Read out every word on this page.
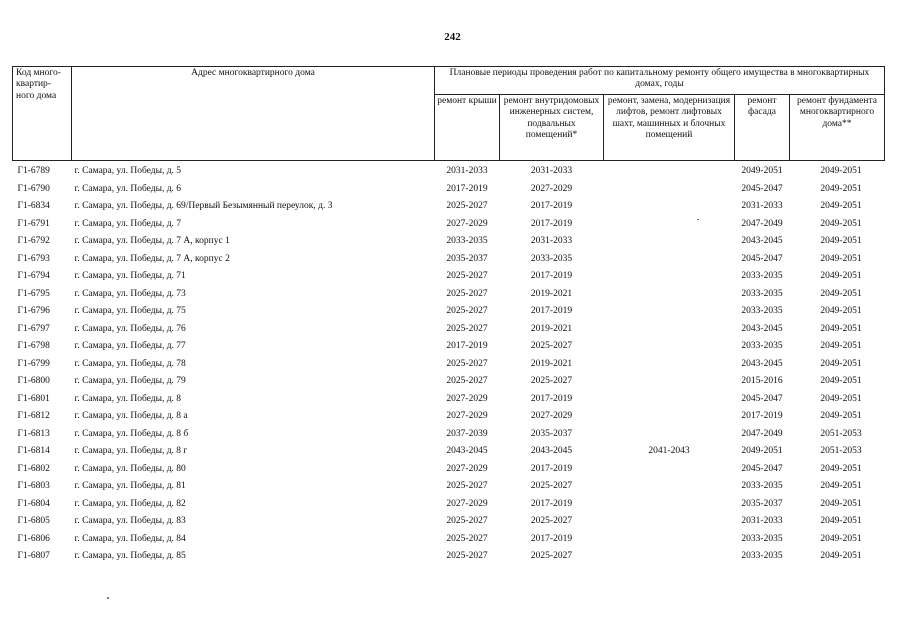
242
Код много-квартир-ного дома	Адрес многоквартирного дома	Плановые периоды проведения работ по капитальному ремонту общего имущества в многоквартирных домах, годы				
		ремонт крыши	ремонт внутридомовых инженерных систем, подвальных помещений*	ремонт, замена, модернизация лифтов, ремонт лифтовых шахт, машинных и блочных помещений	ремонт фасада	ремонт фундамента многоквартирного дома**
Г1-6789	г. Самара, ул. Победы, д. 5	2031-2033	2031-2033		2049-2051	2049-2051
Г1-6790	г. Самара, ул. Победы, д. 6	2017-2019	2027-2029		2045-2047	2049-2051
Г1-6834	г. Самара, ул. Победы, д. 69/Первый Безымянный переулок, д. 3	2025-2027	2017-2019		2031-2033	2049-2051
Г1-6791	г. Самара, ул. Победы, д. 7	2027-2029	2017-2019		2047-2049	2049-2051
Г1-6792	г. Самара, ул. Победы, д. 7 А, корпус 1	2033-2035	2031-2033		2043-2045	2049-2051
Г1-6793	г. Самара, ул. Победы, д. 7 А, корпус 2	2035-2037	2033-2035		2045-2047	2049-2051
Г1-6794	г. Самара, ул. Победы, д. 71	2025-2027	2017-2019		2033-2035	2049-2051
Г1-6795	г. Самара, ул. Победы, д. 73	2025-2027	2019-2021		2033-2035	2049-2051
Г1-6796	г. Самара, ул. Победы, д. 75	2025-2027	2017-2019		2033-2035	2049-2051
Г1-6797	г. Самара, ул. Победы, д. 76	2025-2027	2019-2021		2043-2045	2049-2051
Г1-6798	г. Самара, ул. Победы, д. 77	2017-2019	2025-2027		2033-2035	2049-2051
Г1-6799	г. Самара, ул. Победы, д. 78	2025-2027	2019-2021		2043-2045	2049-2051
Г1-6800	г. Самара, ул. Победы, д. 79	2025-2027	2025-2027		2015-2016	2049-2051
Г1-6801	г. Самара, ул. Победы, д. 8	2027-2029	2017-2019		2045-2047	2049-2051
Г1-6812	г. Самара, ул. Победы, д. 8 а	2027-2029	2027-2029		2017-2019	2049-2051
Г1-6813	г. Самара, ул. Победы, д. 8 б	2037-2039	2035-2037		2047-2049	2051-2053
Г1-6814	г. Самара, ул. Победы, д. 8 г	2043-2045	2043-2045	2041-2043	2049-2051	2051-2053
Г1-6802	г. Самара, ул. Победы, д. 80	2027-2029	2017-2019		2045-2047	2049-2051
Г1-6803	г. Самара, ул. Победы, д. 81	2025-2027	2025-2027		2033-2035	2049-2051
Г1-6804	г. Самара, ул. Победы, д. 82	2027-2029	2017-2019		2035-2037	2049-2051
Г1-6805	г. Самара, ул. Победы, д. 83	2025-2027	2025-2027		2031-2033	2049-2051
Г1-6806	г. Самара, ул. Победы, д. 84	2025-2027	2017-2019		2033-2035	2049-2051
Г1-6807	г. Самара, ул. Победы, д. 85	2025-2027	2025-2027		2033-2035	2049-2051
